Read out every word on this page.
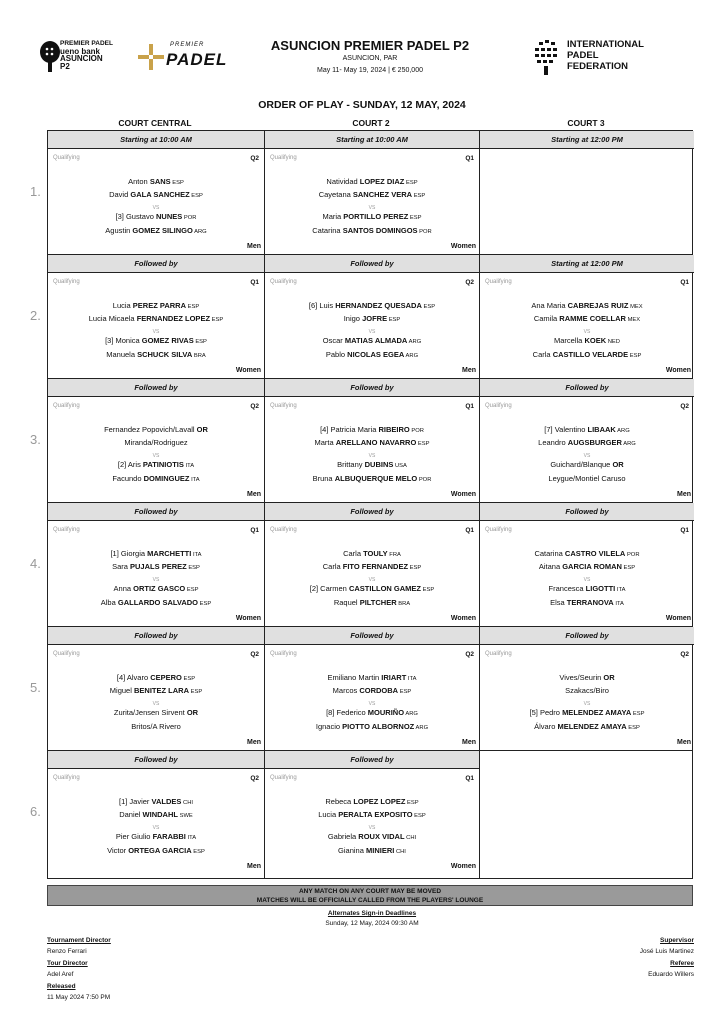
PREMIER PADEL
ueno bank
ASUNCION
P2
PREMIER
PADEL
INTERNATIONAL
PADEL
FEDERATION
ASUNCION PREMIER PADEL P2
ASUNCION, PAR
May 11- May 19, 2024 | € 250,000
ORDER OF PLAY - SUNDAY, 12 MAY, 2024
COURT CENTRAL	COURT 2	COURT 3
Starting at 10:00 AM
Qualifying	Q2
Anton SANS ESP
David GALA SANCHEZ ESP
VS
[3] Gustavo NUNES POR
Agustin GOMEZ SILINGO ARG
Men
Starting at 10:00 AM
Qualifying	Q1
Natividad LOPEZ DIAZ ESP
Cayetana SANCHEZ VERA ESP
VS
Maria PORTILLO PEREZ ESP
Catarina SANTOS DOMINGOS POR
Women
Starting at 12:00 PM
Followed by
Qualifying	Q1
Lucia PEREZ PARRA ESP
Lucia Micaela FERNANDEZ LOPEZ ESP
VS
[3] Monica GOMEZ RIVAS ESP
Manuela SCHUCK SILVA BRA
Women
Followed by
Qualifying	Q2
[6] Luis HERNANDEZ QUESADA ESP
Inigo JOFRE ESP
VS
Oscar MATIAS ALMADA ARG
Pablo NICOLAS EGEA ARG
Men
Starting at 12:00 PM
Qualifying	Q1
Ana Maria CABREJAS RUIZ MEX
Camila RAMME COELLAR MEX
VS
Marcella KOEK NED
Carla CASTILLO VELARDE ESP
Women
Followed by
Qualifying	Q2
Fernandez Popovich/Lavall OR
Miranda/Rodriguez
VS
[2] Aris PATINIOTIS ITA
Facundo DOMINGUEZ ITA
Men
Followed by
Qualifying	Q1
[4] Patricia Maria RIBEIRO POR
Marta ARELLANO NAVARRO ESP
VS
Brittany DUBINS USA
Bruna ALBUQUERQUE MELO POR
Women
Followed by
Qualifying	Q2
[7] Valentino LIBAAK ARG
Leandro AUGSBURGER ARG
VS
Guichard/Blanque OR
Leygue/Montiel Caruso
Men
Followed by
Qualifying	Q1
[1] Giorgia MARCHETTI ITA
Sara PUJALS PEREZ ESP
VS
Anna ORTIZ GASCO ESP
Alba GALLARDO SALVADO ESP
Women
Followed by
Qualifying	Q1
Carla TOULY FRA
Carla FITO FERNANDEZ ESP
VS
[2] Carmen CASTILLON GAMEZ ESP
Raquel PILTCHER BRA
Women
Followed by
Qualifying	Q1
Catarina CASTRO VILELA POR
Aitana GARCIA ROMAN ESP
VS
Francesca LIGOTTI ITA
Elsa TERRANOVA ITA
Women
Followed by
Qualifying	Q2
[4] Alvaro CEPERO ESP
Miguel BENITEZ LARA ESP
VS
Zurita/Jensen Sirvent OR
Britos/A Rivero
Men
Followed by
Qualifying	Q2
Emiliano Martin IRIART ITA
Marcos CORDOBA ESP
VS
[8] Federico MOURIÑO ARG
Ignacio PIOTTO ALBORNOZ ARG
Men
Followed by
Qualifying	Q2
Vives/Seurin OR
Szakacs/Biro
VS
[5] Pedro MELENDEZ AMAYA ESP
Álvaro MELENDEZ AMAYA ESP
Men
Followed by
Qualifying	Q2
[1] Javier VALDES CHI
Daniel WINDAHL SWE
VS
Pier Giulio FARABBI ITA
Victor ORTEGA GARCIA ESP
Men
Followed by
Qualifying	Q1
Rebeca LOPEZ LOPEZ ESP
Lucia PERALTA EXPOSITO ESP
VS
Gabriela ROUX VIDAL CHI
Gianina MINIERI CHI
Women
1.
2.
3.
4.
5.
6.
ANY MATCH ON ANY COURT MAY BE MOVED
MATCHES WILL BE OFFICIALLY CALLED FROM THE PLAYERS' LOUNGE
Alternates Sign-in Deadlines
Sunday, 12 May, 2024 09:30 AM
Tournament Director
Renzo Ferrari
Tour Director
Adel Aref
Released
11 May 2024 7:50 PM
Supervisor
José Luis Martinez
Referee
Eduardo Willers
